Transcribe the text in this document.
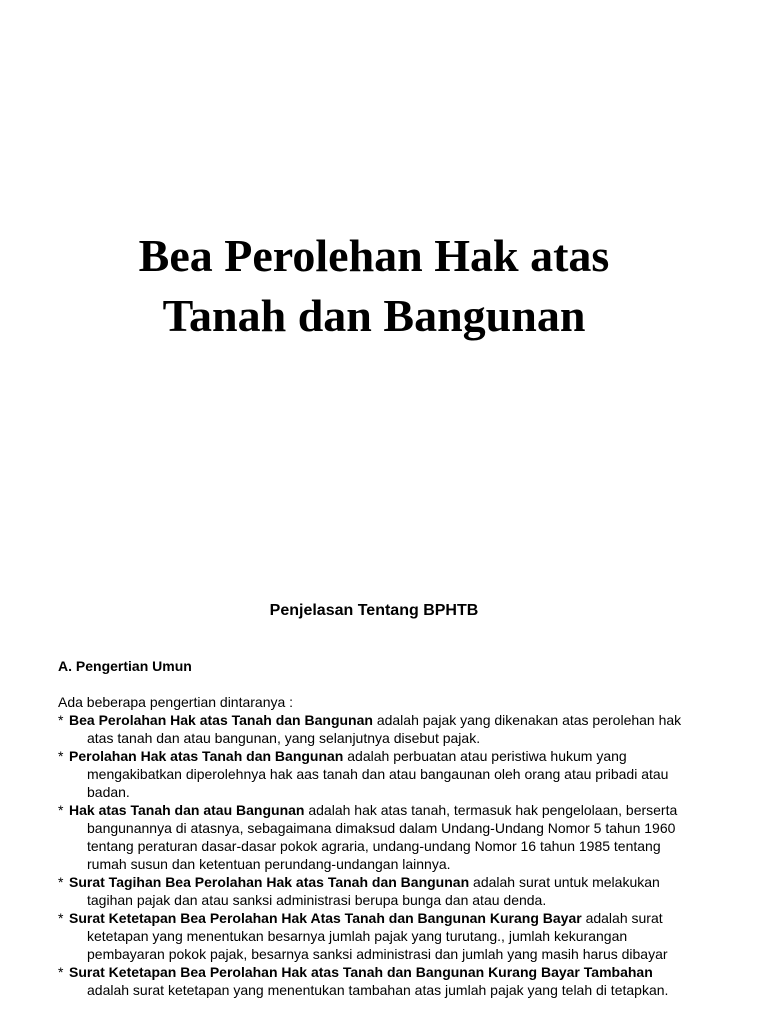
Bea Perolehan Hak atas
Tanah dan Bangunan
Penjelasan Tentang BPHTB

A. Pengertian Umun

Ada beberapa pengertian dintaranya :

* Bea Perolahan Hak atas Tanah dan Bangunan adalah pajak yang dikenakan atas perolehan hak atas tanah dan atau bangunan, yang selanjutnya disebut pajak.

* Perolahan Hak atas Tanah dan Bangunan adalah perbuatan atau peristiwa hukum yang mengakibatkan diperolehnya hak aas tanah dan atau bangaunan oleh orang atau pribadi atau badan.

* Hak atas Tanah dan atau Bangunan adalah hak atas tanah, termasuk hak pengelolaan, berserta bangunannya di atasnya, sebagaimana dimaksud dalam Undang-Undang Nomor 5 tahun 1960 tentang peraturan dasar-dasar pokok agraria, undang-undang Nomor 16 tahun 1985 tentang rumah susun dan ketentuan perundang-undangan lainnya.

* Surat Tagihan Bea Perolahan Hak atas Tanah dan Bangunan adalah surat untuk melakukan tagihan pajak dan atau sanksi administrasi berupa bunga dan atau denda.

* Surat Ketetapan Bea Perolahan Hak Atas Tanah dan Bangunan Kurang Bayar adalah surat ketetapan yang menentukan besarnya jumlah pajak yang turutang., jumlah kekurangan pembayaran pokok pajak, besarnya sanksi administrasi dan jumlah yang masih harus dibayar

* Surat Ketetapan Bea Perolahan Hak atas Tanah dan Bangunan Kurang Bayar Tambahan adalah surat ketetapan yang menentukan tambahan atas jumlah pajak yang telah di tetapkan.
